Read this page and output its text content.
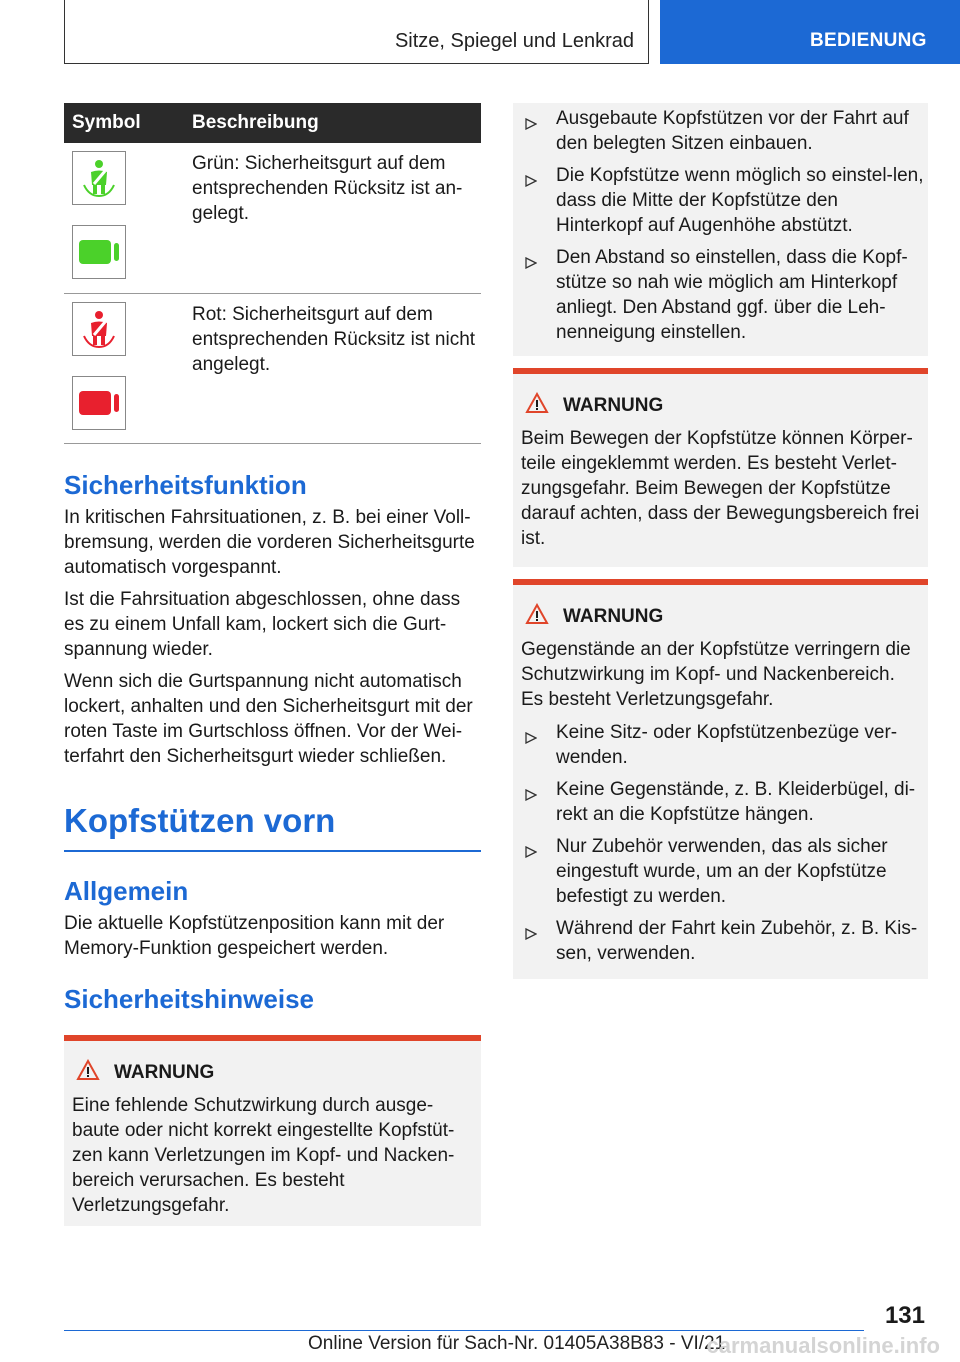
Sitze, Spiegel und Lenkrad	BEDIENUNG
Symbol	Beschreibung

	Grün: Sicherheitsgurt auf dem entsprechenden Rücksitz ist an-gelegt.

	Rot: Sicherheitsgurt auf dem entsprechenden Rücksitz ist nicht angelegt.
Sicherheitsfunktion

In kritischen Fahrsituationen, z. B. bei einer Voll-bremsung, werden die vorderen Sicherheitsgurte automatisch vorgespannt.

Ist die Fahrsituation abgeschlossen, ohne dass es zu einem Unfall kam, lockert sich die Gurt-spannung wieder.

Wenn sich die Gurtspannung nicht automatisch lockert, anhalten und den Sicherheitsgurt mit der roten Taste im Gurtschloss öffnen. Vor der Wei-terfahrt den Sicherheitsgurt wieder schließen.

Kopfstützen vorn
Allgemein

Die aktuelle Kopfstützenposition kann mit der Memory-Funktion gespeichert werden.

Sicherheitshinweise
WARNUNG

Eine fehlende Schutzwirkung durch ausge-baute oder nicht korrekt eingestellte Kopfstüt-zen kann Verletzungen im Kopf- und Nacken-bereich verursachen. Es besteht Verletzungsgefahr.

Ausgebaute Kopfstützen vor der Fahrt auf den belegten Sitzen einbauen.
Die Kopfstütze wenn möglich so einstel-len, dass die Mitte der Kopfstütze den Hinterkopf auf Augenhöhe abstützt.
Den Abstand so einstellen, dass die Kopf-stütze so nah wie möglich am Hinterkopf anliegt. Den Abstand ggf. über die Leh-nenneigung einstellen.
WARNUNG

Beim Bewegen der Kopfstütze können Körper-teile eingeklemmt werden. Es besteht Verlet-zungsgefahr. Beim Bewegen der Kopfstütze darauf achten, dass der Bewegungsbereich frei ist.

WARNUNG

Gegenstände an der Kopfstütze verringern die Schutzwirkung im Kopf- und Nackenbereich. Es besteht Verletzungsgefahr.

Keine Sitz- oder Kopfstützenbezüge ver-wenden.
Keine Gegenstände, z. B. Kleiderbügel, di-rekt an die Kopfstütze hängen.
Nur Zubehör verwenden, das als sicher eingestuft wurde, um an der Kopfstütze befestigt zu werden.
Während der Fahrt kein Zubehör, z. B. Kis-sen, verwenden.
131
Online Version für Sach-Nr. 01405A38B83 - VI/21
carmanualsonline.info
